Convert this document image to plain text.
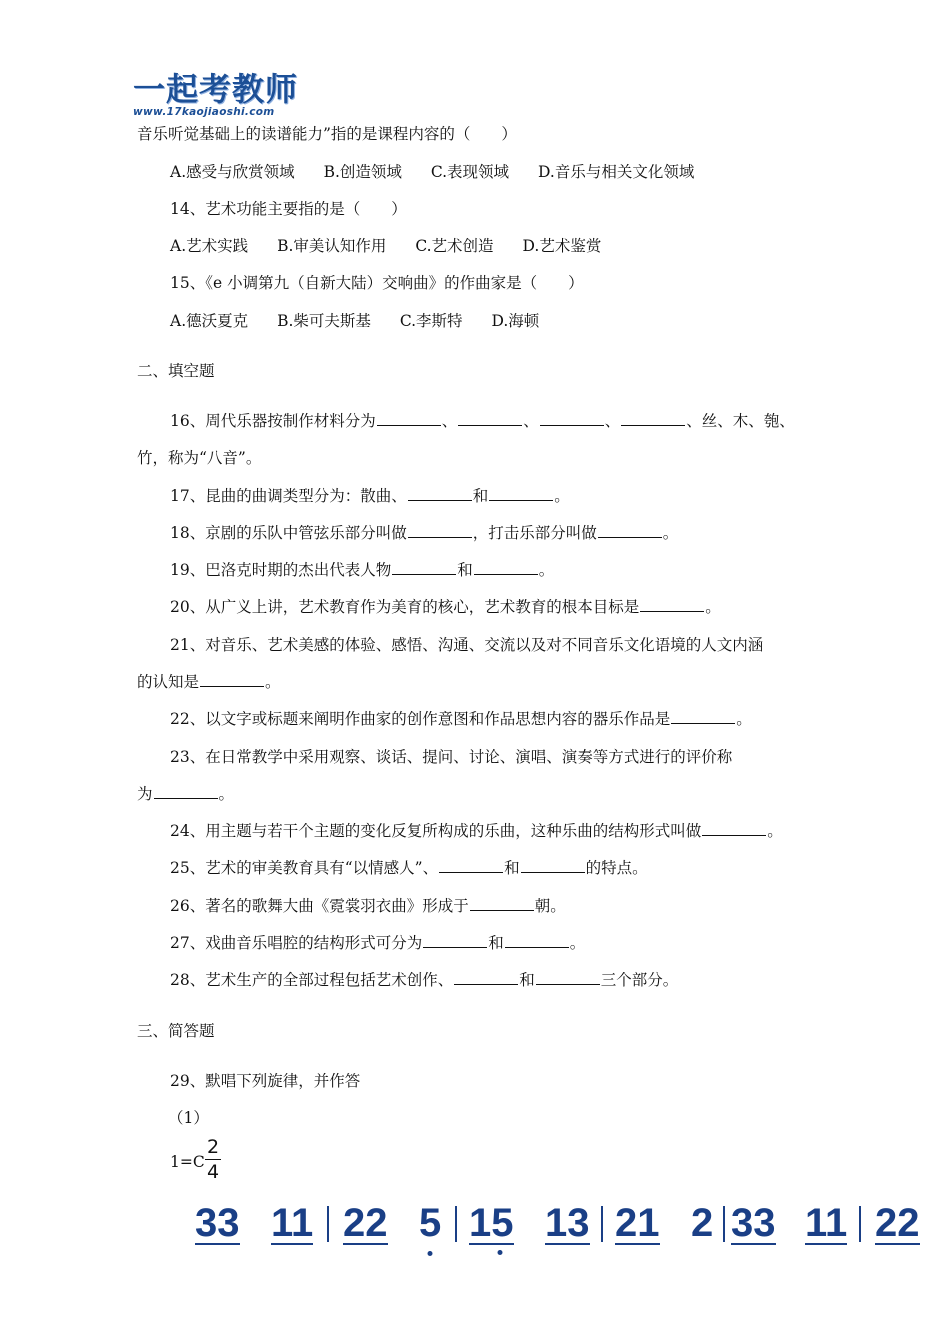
一起考教师
www.17kaojiaoshi.com
音乐听觉基础上的读谱能力”指的是课程内容的（　　）
A.感受与欣赏领域 B.创造领域 C.表现领域 D.音乐与相关文化领域
14、艺术功能主要指的是（　　）
A.艺术实践 B.审美认知作用 C.艺术创造 D.艺术鉴赏
15、《e 小调第九（自新大陆）交响曲》的作曲家是（　　）
A.德沃夏克 B.柴可夫斯基 C.李斯特 D.海顿
二、填空题
16、周代乐器按制作材料分为	、	、	、	、丝、木、匏、
竹，称为“八音”。
17、昆曲的曲调类型分为：散曲、	和	。
18、京剧的乐队中管弦乐部分叫做	，打击乐部分叫做	。
19、巴洛克时期的杰出代表人物	和	。
20、从广义上讲，艺术教育作为美育的核心，艺术教育的根本目标是	。
21、对音乐、艺术美感的体验、感悟、沟通、交流以及对不同音乐文化语境的人文内涵
的认知是	。
22、以文字或标题来阐明作曲家的创作意图和作品思想内容的器乐作品是	。
23、在日常教学中采用观察、谈话、提问、讨论、演唱、演奏等方式进行的评价称
为	。
24、用主题与若干个主题的变化反复所构成的乐曲，这种乐曲的结构形式叫做	。
25、艺术的审美教育具有“以情感人”、	和	的特点。
26、著名的歌舞大曲《霓裳羽衣曲》形成于	朝。
27、戏曲音乐唱腔的结构形式可分为	和	。
28、艺术生产的全部过程包括艺术创作、	和	三个部分。
三、简答题
29、默唱下列旋律，并作答
（1）
1=C
2
4
33 11 22 5 15 13 21 2 33 11 22
